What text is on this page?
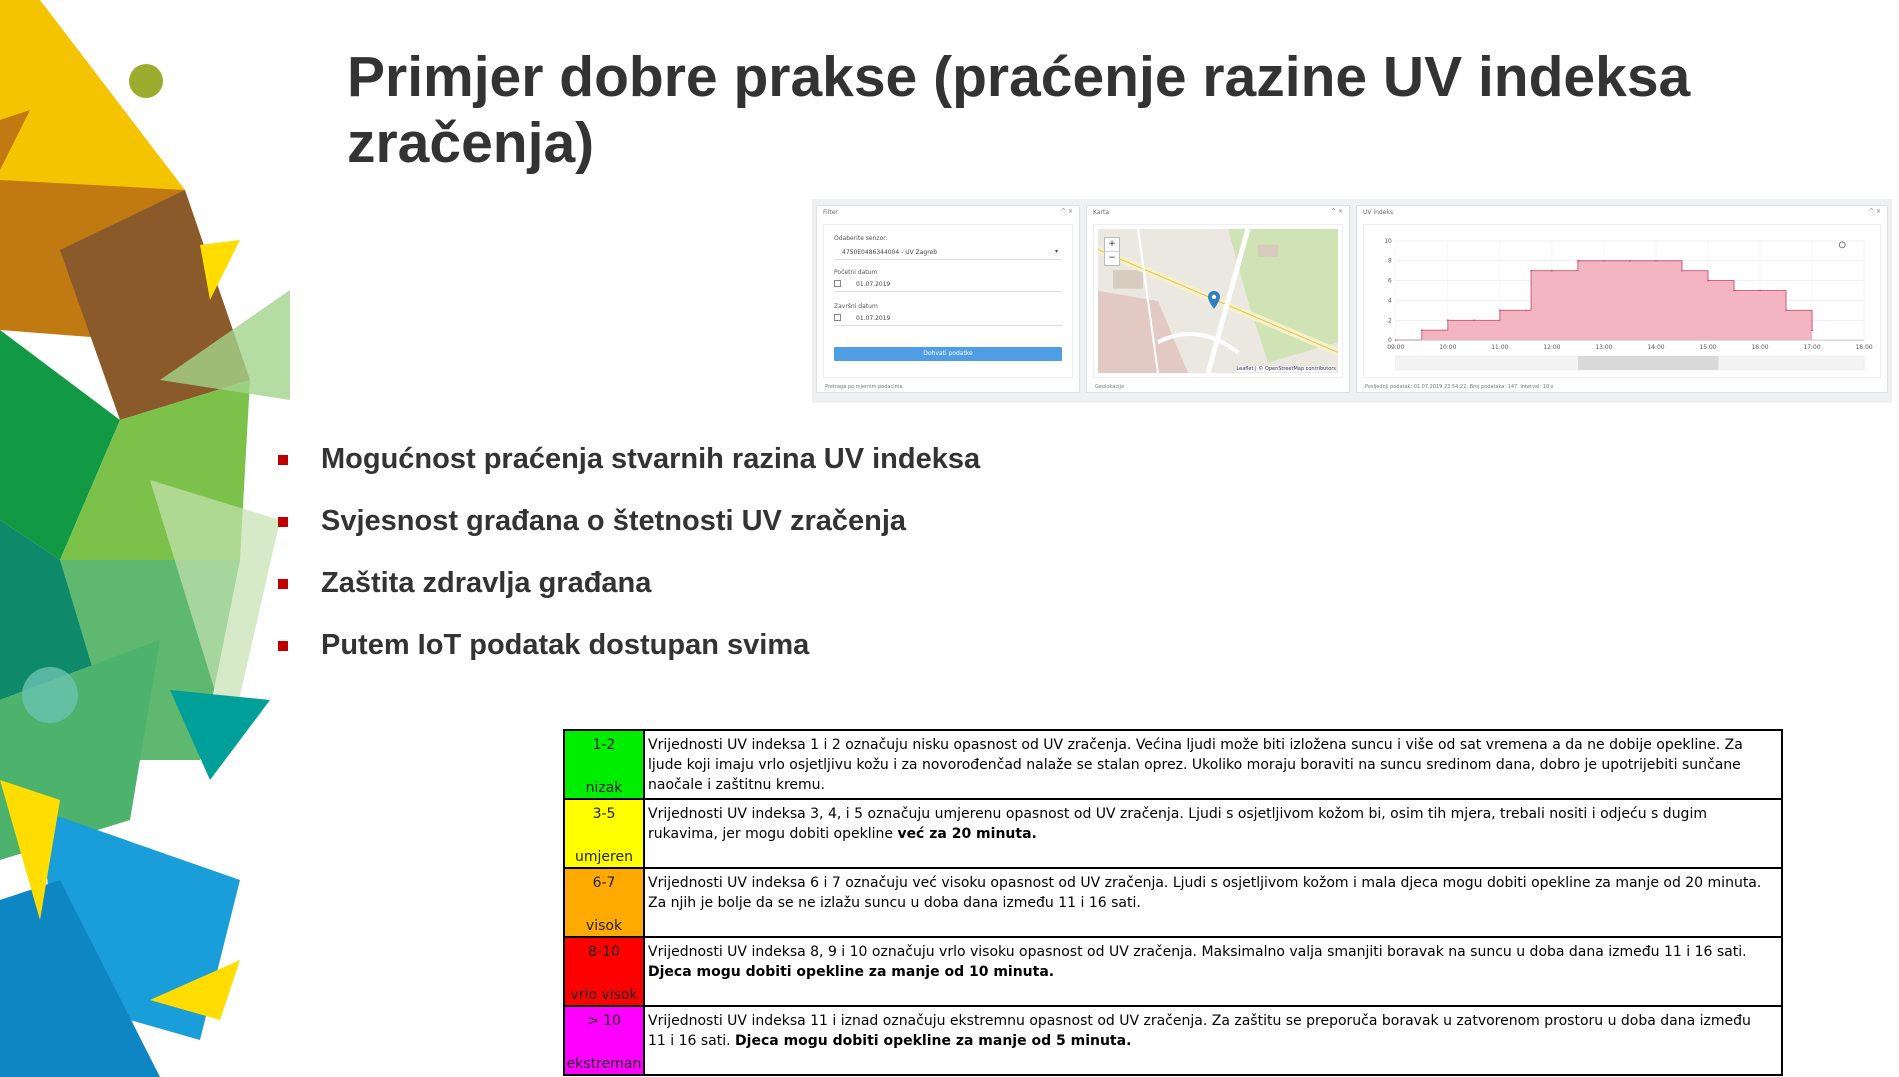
Primjer dobre prakse (praćenje razine UV indeksa zračenja)
Filter	^ ×
Odaberite senzor:
4750E0486344004 - UV Zagreb	▾
Početni datum
01.07.2019
Završni datum
01.07.2019
Dohvati podatke
Pretraga po mjernim podacima
Karta	^ ×
+
−
Leaflet | © OpenStreetMap contributors
Geolokacija
UV indeks	^ ×
0
2
4
6
8
10
09:00	10:00	11:00	12:00	13:00	14:00	15:00	16:00	17:00	18:00
Posljednji podatak: 01.07.2019 23:54:22, Broj podataka: 147, Interval: 10 s
Mogućnost praćenja stvarnih razina UV indeksa
Svjesnost građana o štetnosti UV zračenja
Zaštita zdravlja građana
Putem IoT podatak dostupan svima
1-2
nizak	Vrijednosti UV indeksa 1 i 2 označuju nisku opasnost od UV zračenja. Većina ljudi može biti izložena suncu i više od sat vremena a da ne dobije opekline. Za ljude koji imaju vrlo osjetljivu kožu i za novorođenčad nalaže se stalan oprez. Ukoliko moraju boraviti na suncu sredinom dana, dobro je upotrijebiti sunčane naočale i zaštitnu kremu.

3-5
umjeren	Vrijednosti UV indeksa 3, 4, i 5 označuju umjerenu opasnost od UV zračenja. Ljudi s osjetljivom kožom bi, osim tih mjera, trebali nositi i odjeću s dugim rukavima, jer mogu dobiti opekline već za 20 minuta.

6-7
visok	Vrijednosti UV indeksa 6 i 7 označuju već visoku opasnost od UV zračenja. Ljudi s osjetljivom kožom i mala djeca mogu dobiti opekline za manje od 20 minuta. Za njih je bolje da se ne izlažu suncu u doba dana između 11 i 16 sati.

8-10
vrlo visok	Vrijednosti UV indeksa 8, 9 i 10 označuju vrlo visoku opasnost od UV zračenja. Maksimalno valja smanjiti boravak na suncu u doba dana između 11 i 16 sati. Djeca mogu dobiti opekline za manje od 10 minuta.

> 10
ekstreman	Vrijednosti UV indeksa 11 i iznad označuju ekstremnu opasnost od UV zračenja. Za zaštitu se preporuča boravak u zatvorenom prostoru u doba dana između 11 i 16 sati. Djeca mogu dobiti opekline za manje od 5 minuta.
